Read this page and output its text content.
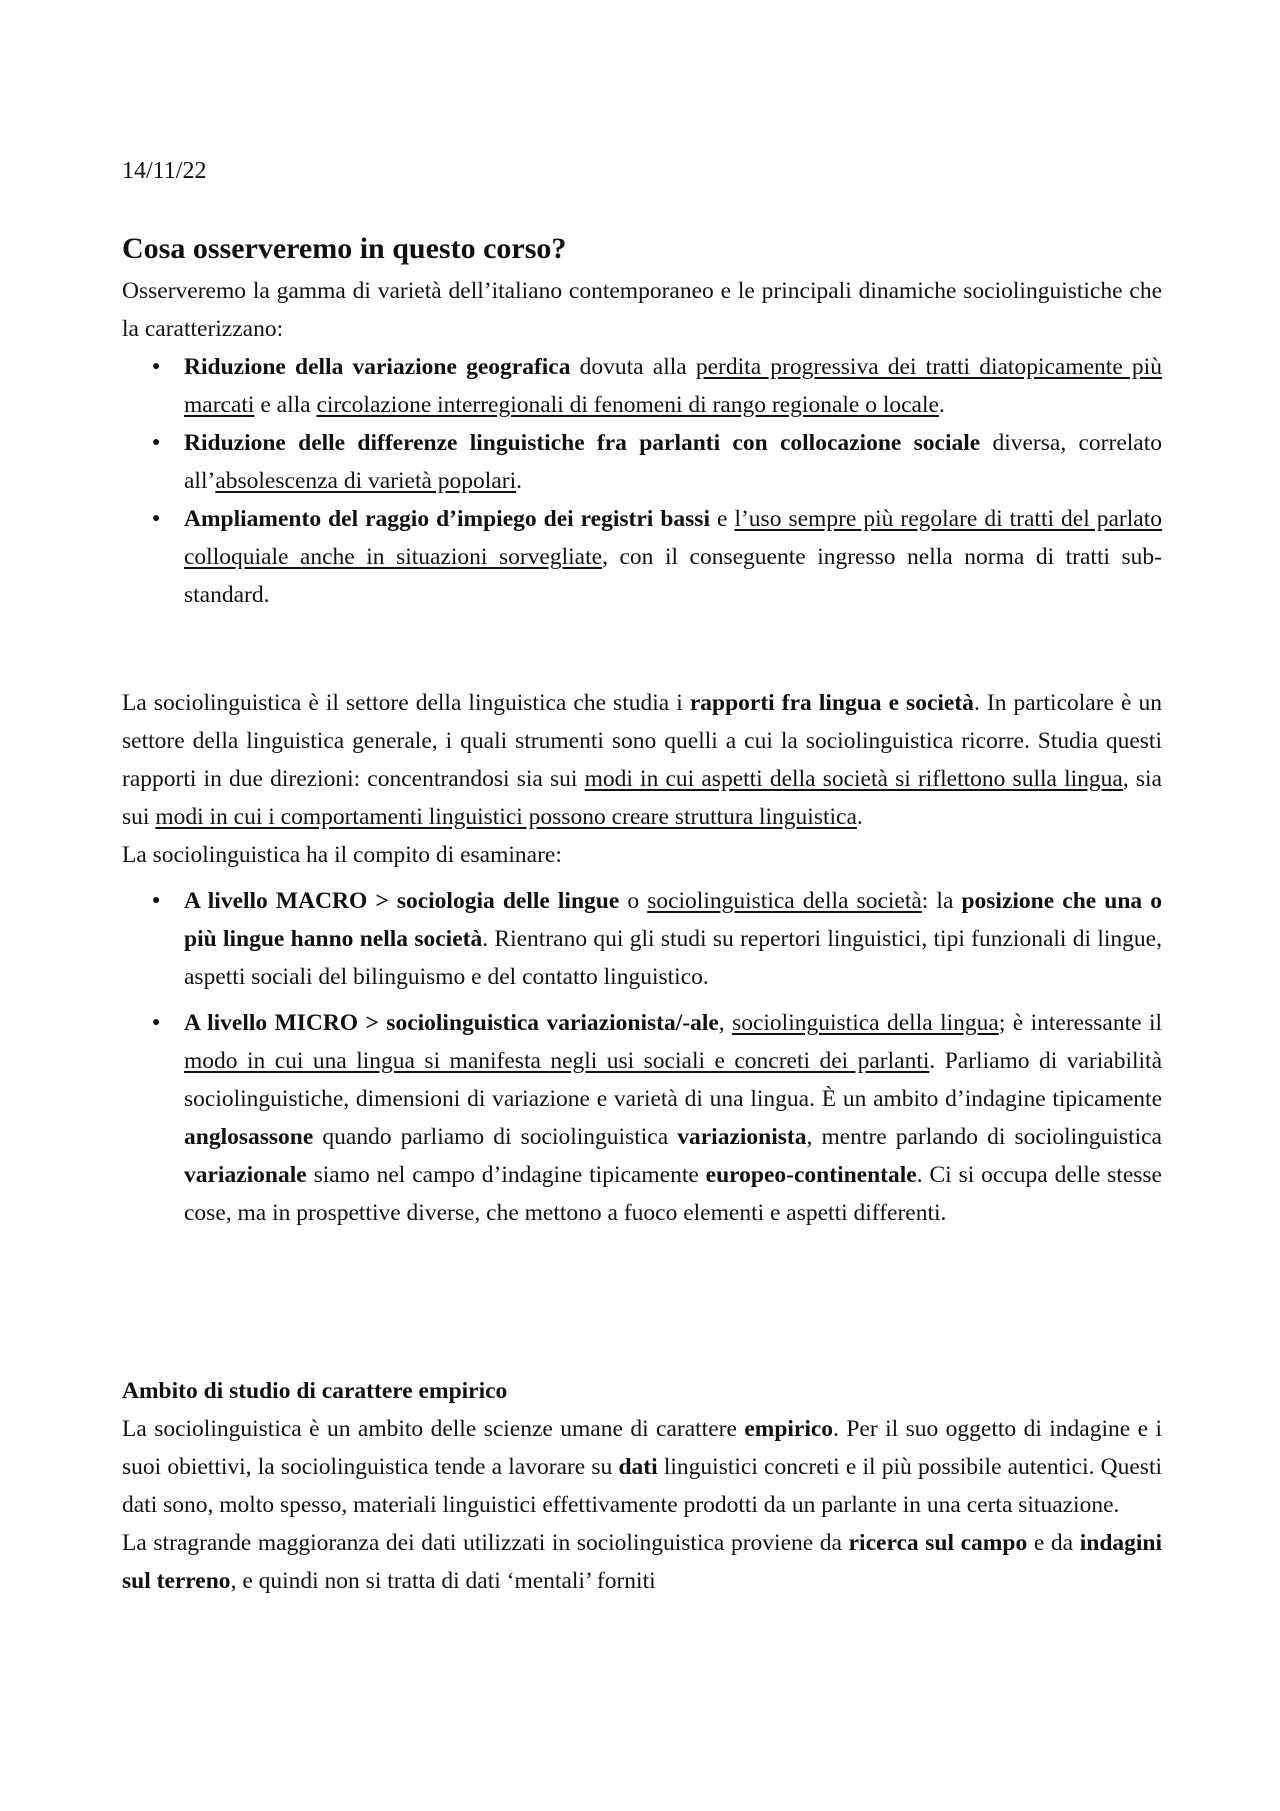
14/11/22
Cosa osserveremo in questo corso?

Osserveremo la gamma di varietà dell’italiano contemporaneo e le principali dinamiche sociolinguistiche che la caratterizzano:

● Riduzione della variazione geografica dovuta alla perdita progressiva dei tratti diatopicamente più marcati e alla circolazione interregionali di fenomeni di rango regionale o locale.
● Riduzione delle differenze linguistiche fra parlanti con collocazione sociale diversa, correlato all’absolescenza di varietà popolari.
● Ampliamento del raggio d’impiego dei registri bassi e l’uso sempre più regolare di tratti del parlato colloquiale anche in situazioni sorvegliate, con il conseguente ingresso nella norma di tratti sub-standard.

La sociolinguistica è il settore della linguistica che studia i rapporti fra lingua e società. In particolare è un settore della linguistica generale, i quali strumenti sono quelli a cui la sociolinguistica ricorre. Studia questi rapporti in due direzioni: concentrandosi sia sui modi in cui aspetti della società si riflettono sulla lingua, sia sui modi in cui i comportamenti linguistici possono creare struttura linguistica.

La sociolinguistica ha il compito di esaminare:

● A livello MACRO > sociologia delle lingue o sociolinguistica della società: la posizione che una o più lingue hanno nella società. Rientrano qui gli studi su repertori linguistici, tipi funzionali di lingue, aspetti sociali del bilinguismo e del contatto linguistico.
● A livello MICRO > sociolinguistica variazionista/-ale, sociolinguistica della lingua; è interessante il modo in cui una lingua si manifesta negli usi sociali e concreti dei parlanti. Parliamo di variabilità sociolinguistiche, dimensioni di variazione e varietà di una lingua. È un ambito d’indagine tipicamente anglosassone quando parliamo di sociolinguistica variazionista, mentre parlando di sociolinguistica variazionale siamo nel campo d’indagine tipicamente europeo-continentale. Ci si occupa delle stesse cose, ma in prospettive diverse, che mettono a fuoco elementi e aspetti differenti.

Ambito di studio di carattere empirico

La sociolinguistica è un ambito delle scienze umane di carattere empirico. Per il suo oggetto di indagine e i suoi obiettivi, la sociolinguistica tende a lavorare su dati linguistici concreti e il più possibile autentici. Questi dati sono, molto spesso, materiali linguistici effettivamente prodotti da un parlante in una certa situazione.

La stragrande maggioranza dei dati utilizzati in sociolinguistica proviene da ricerca sul campo e da indagini sul terreno, e quindi non si tratta di dati ‘mentali’ forniti
